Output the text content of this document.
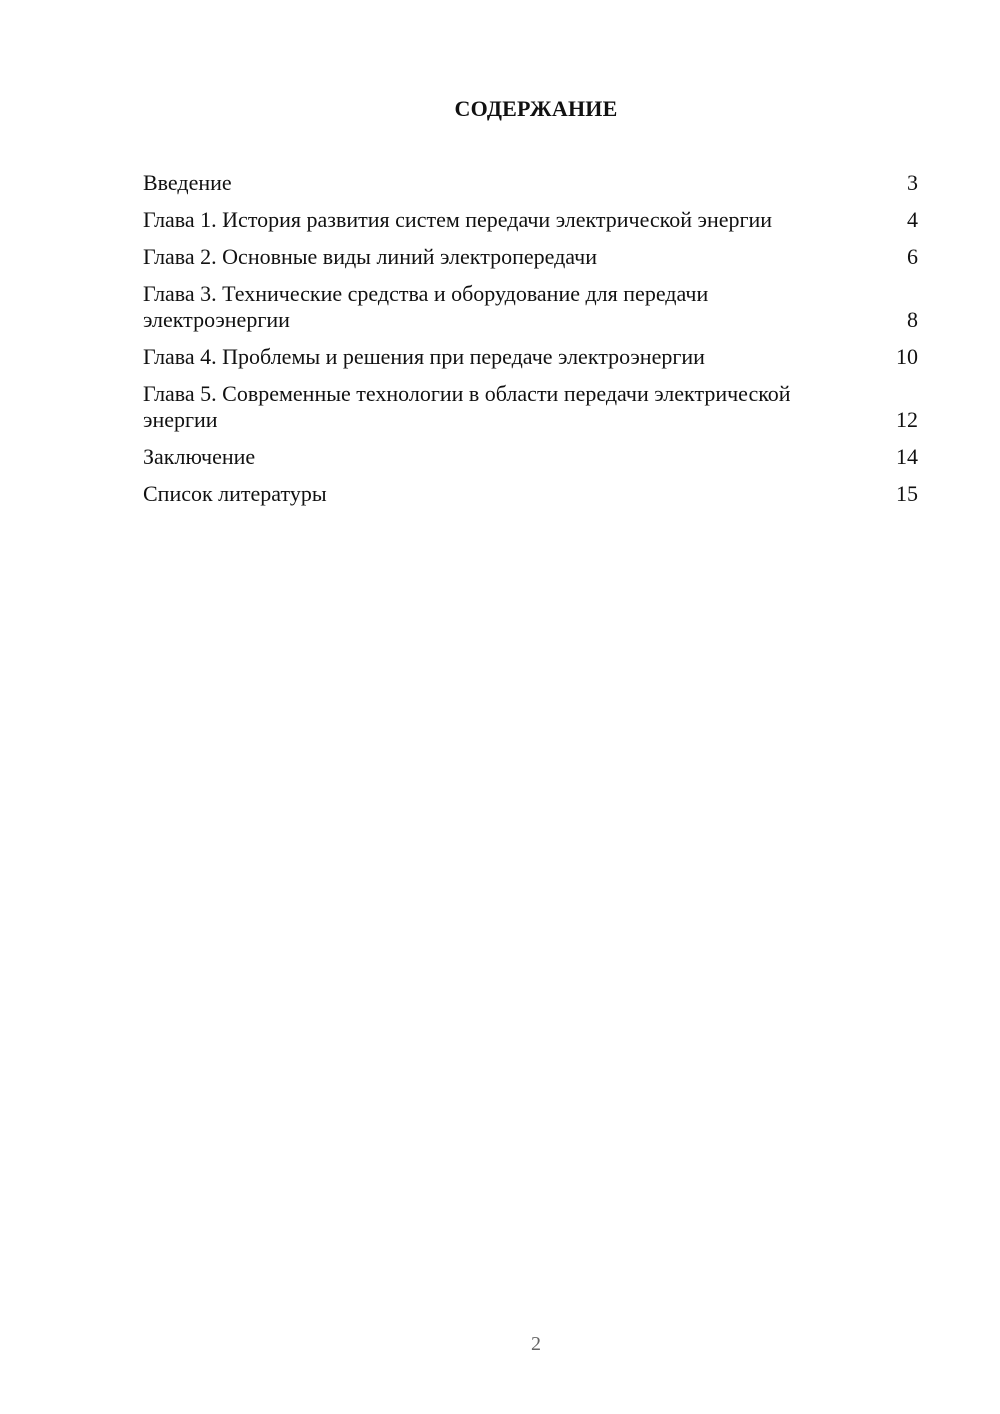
СОДЕРЖАНИЕ
Введение	3
Глава 1. История развития систем передачи электрической энергии	4
Глава 2. Основные виды линий электропередачи	6
Глава 3. Технические средства и оборудование для передачи электроэнергии	8
Глава 4. Проблемы и решения при передаче электроэнергии	10
Глава 5. Современные технологии в области передачи электрической энергии	12
Заключение	14
Список литературы	15
2
